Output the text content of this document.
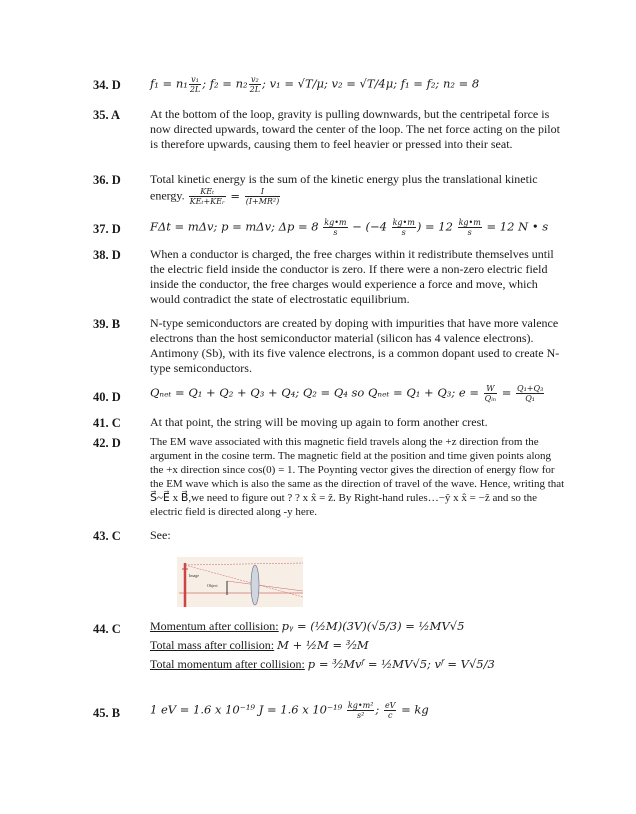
34. D	$f_1 = n_1 \frac{\text{v₁}}{2L}$ ; $f_2 = n_2 \frac{\text{v₂}}{2L}$ ; v₁ = √T/μ; v₂ = √T/4μ; f₁ = f₂; n₂ = 8
35. A At the bottom of the loop, gravity is pulling downwards, but the centripetal force is now directed upwards, toward the center of the loop. The net force acting on the pilot is therefore upwards, causing them to feel heavier or pressed into their seat.
36. D Total kinetic energy is the sum of the kinetic energy plus the translational kinetic energy. $\frac{\text{KEₜ}}{\text{KEₜ+KEᵣ}} = \frac{I}{\text{(I+MR²)}}$
37. D	FΔt = mΔv; p = mΔv; $\Delta p = 8 \frac{kg•m}{s} - (-4 \frac{kg•m}{s}$ ) = $12 \frac{kg•m}{s} = 12$ N • s
38. D When a conductor is charged, the free charges within it redistribute themselves until the electric field inside the conductor is zero. If there were a non-zero electric field inside the conductor, the free charges would experience a force and move, which would contradict the state of electrostatic equilibrium.
39. B N-type semiconductors are created by doping with impurities that have more valence electrons than the host semiconductor material (silicon has 4 valence electrons). Antimony (Sb), with its five valence electrons, is a common dopant used to create N-type semiconductors.
40. D	Qₙₑₜ = Q₁ + Q₂ + Q₃ + Q₄; Q₂ = Q₄ so Qₙₑₜ = Q₁ + Q₃; $e = \frac{W}{\text{Qᵢₙ}} = \frac{\text{Q₁+Q₃}}{\text{Q₁}}$
41. C At that point, the string will be moving up again to form another crest.
42. D	The EM wave associated with this magnetic field travels along the +z direction from the argument in the cosine term. The magnetic field at the position and time given points along the +x direction since cos(0) = 1. The Poynting vector gives the direction of energy flow for the EM wave which is also the same as the direction of travel of the wave. Hence, writing that S⃗~E⃗ x B⃗,we need to figure out ? ? x x̂ = ẑ. By Right-hand rules…−ŷ x x̂ = −ẑ and so the electric field is directed along -y here.
43. C See:
Image
Object
44. C Momentum after collision: pᵧ = (½M)(3V)(√5/3) = ½MV√5
Total mass after collision: M + ½M = ³⁄₂M
Total momentum after collision: p = ³⁄₂Mvᶠ = ½MV√5; vᶠ = V√5/3
45. B	1 eV = 1.6 x 10⁻¹⁹ J = 1.6 x $10^{-19} \frac{\text{kg•m²}}{\text{s²}}$ ; $\frac{eV}{c}$ = kg
